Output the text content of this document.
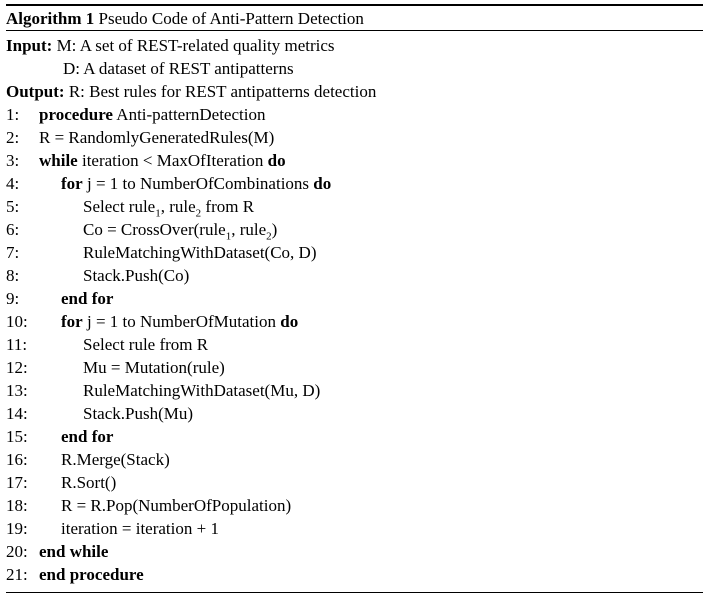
Algorithm 1 Pseudo Code of Anti-Pattern Detection
Input: M: A set of REST-related quality metrics
D: A dataset of REST antipatterns
Output: R: Best rules for REST antipatterns detection
1: procedure Anti-patternDetection
2: R = RandomlyGeneratedRules(M)
3: while iteration < MaxOfIteration do
4: for j = 1 to NumberOfCombinations do
5:	Select rule$_1$, rule$_2$ from R
6:	Co = CrossOver(rule$_1$, rule$_2$)
7:	RuleMatchingWithDataset(Co, D)
8:	Stack.Push(Co)
9: end for
10: for j = 1 to NumberOfMutation do
11:	Select rule from R
12:	Mu = Mutation(rule)
13:	RuleMatchingWithDataset(Mu, D)
14:	Stack.Push(Mu)
15: end for
16: R.Merge(Stack)
17: R.Sort()
18: R = R.Pop(NumberOfPopulation)
19: iteration = iteration + 1
20: end while
21: end procedure
